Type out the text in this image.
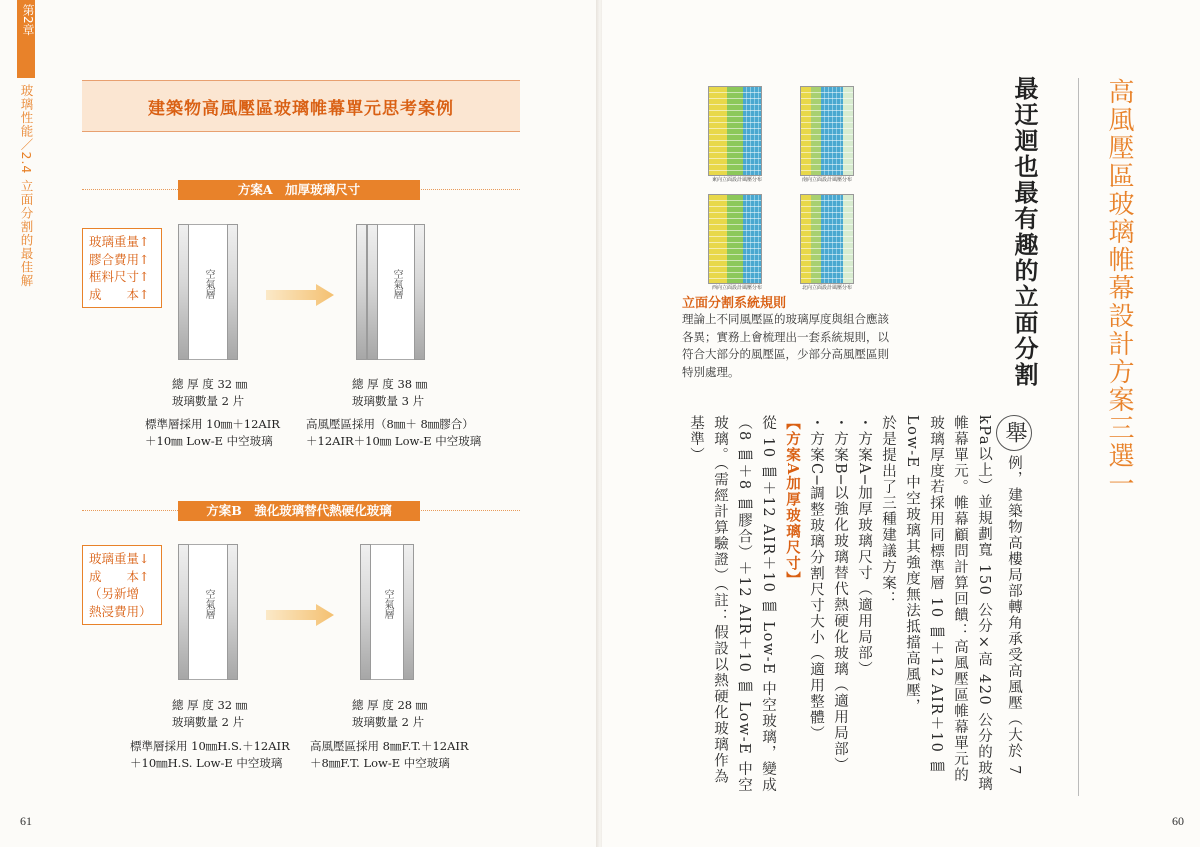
第2章
玻璃性能／2.4 立面分割的最佳解	建築物高風壓區玻璃帷幕單元思考案例
方案A　加厚玻璃尺寸
玻璃重量↑
膠合費用↑
框料尺寸↑
成　　本↑	空氣層	空氣層
總 厚 度 32 ㎜
玻璃數量 2 片
標準層採用 10㎜＋12AIR
＋10㎜ Low-E 中空玻璃
總 厚 度 38 ㎜
玻璃數量 3 片
高風壓區採用（8㎜＋ 8㎜膠合）
＋12AIR＋10㎜ Low-E 中空玻璃
方案B　強化玻璃替代熱硬化玻璃
玻璃重量↓
成　　本↑
（另新增
熱浸費用）	空氣層	空氣層
總 厚 度 32 ㎜
玻璃數量 2 片
標準層採用 10㎜H.S.＋12AIR
＋10㎜H.S. Low-E 中空玻璃
總 厚 度 28 ㎜
玻璃數量 2 片
高風壓區採用 8㎜F.T.＋12AIR
＋8㎜F.T. Low-E 中空玻璃
61
高風壓區玻璃帷幕設計方案三選一
最迂迴也最有趣的立面分割
東向立面設計風壓分布	南向立面設計風壓分布
西向立面設計風壓分布	北向立面設計風壓分布
立面分割系統規則
理論上不同風壓區的玻璃厚度與組合應該各異；實務上會梳理出一套系統規則，以符合大部分的風壓區，少部分高風壓區則特別處理。

舉例，建築物高樓局部轉角承受高風壓（大於 7 kPa以上）並規劃寬 150 公分×高 420 公分的玻璃帷幕單元。帷幕顧問計算回饋：高風壓區帷幕單元的玻璃厚度若採用同標準層 10 ㎜＋12 AIR＋10 ㎜ Low-E 中空玻璃其強度無法抵擋高風壓，

於是提出了三種建議方案：

・方案A─加厚玻璃尺寸（適用局部）

・方案B─以強化玻璃替代熱硬化玻璃（適用局部）

・方案C─調整玻璃分割尺寸大小（適用整體）

【方案A加厚玻璃尺寸】

從 10 ㎜＋12 AIR＋10 ㎜ Low-E 中空玻璃，變成（8 ㎜＋8 ㎜膠合）＋12 AIR＋10 ㎜ Low-E 中空玻璃。（需經計算驗證）（註：假設以熱硬化玻璃作為基準）

60
